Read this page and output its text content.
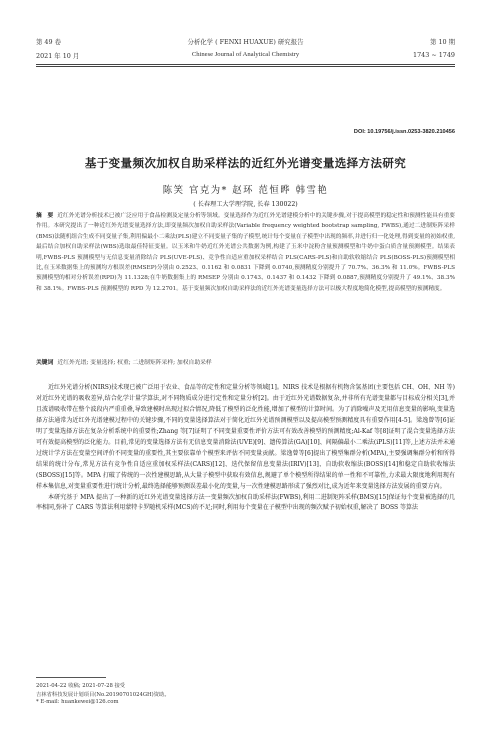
第 49 卷	分析化学 ( FENXI HUAXUE) 研究报告	第 10 期
2021 年 10 月	Chinese Journal of Analytical Chemistry	1743 ~ 1749
DOI: 10.19756/j.issn.0253-3820.210456
基于变量频次加权自助采样法的近红外光谱变量选择方法研究
陈笑 官克为* 赵环 范恒晔 韩雪艳
( 长春理工大学理学院, 长春 130022)
摘　要 近红外光谱分析技术已被广泛应用于食品检测及定量分析等领域。变量选择作为近红外光谱建模分析中的关键步骤,对于提高模型的稳定性和预测性能具有重要作用。本研究提出了一种近红外光谱变量选择方法,即变量频次加权自助采样法(Variable frequency weighted bootstrap sampling, FWBS),通过二进制矩阵采样(BMS)法随机组合生成不同变量子集,利用偏最小二乘法(PLS)建立不同变量子集的子模型,统计每个变量在子模型中出现的频率,并进行归一化处理,得到变量的初始权重,最后结合加权自助采样法(WBS)选取最佳特征变量。以玉米和牛奶近红外光谱公共数据为例,构建了玉米中淀粉含量预测模型和牛奶中蛋白质含量预测模型。结果表明,FWBS-PLS 预测模型与无信息变量消除结合 PLS(UVE-PLS)、竞争性自适应重加权采样结合 PLS(CARS-PLS)和自助软收缩结合 PLS(BOSS-PLS)预测模型相比,在玉米数据集上的预测均方根误差(RMSEP)分别由 0.2523、0.1162 和 0.0831 下降到 0.0740,预测精度分别提升了 70.7%、36.3% 和 11.0%。FWBS-PLS 预测模型的相对分析误差(RPD)为 11.1328;在牛奶数据集上的 RMSEP 分别由 0.1743、0.1437 和 0.1432 下降到 0.0887,预测精度分别提升了 49.1%、38.3% 和 38.1%。FWBS-PLS 预测模型的 RPD 为 12.2701。基于变量频次加权自助采样法的近红外光谱变量选择方法可以极大程度地简化模型,提高模型的预测精度。
关键词 近红外光谱; 变量选择; 权重; 二进制矩阵采样; 加权自助采样

近红外光谱分析(NIRS)技术现已被广泛用于农业、食品等的定性和定量分析等领域[1]。NIRS 技术是根据有机物含氢基团(主要包括 CH、OH、NH 等)对近红外光谱的吸收差异,结合化学计量学算法,对不同物质成分进行定性和定量分析[2]。由于近红外光谱数据复杂,并非所有光谱变量都与目标成分相关[3],并且波谱吸收带在整个波段内严重重叠,导致建模时出现过拟合情况,降低了模型的泛化性能,增加了模型的计算时间。为了消除噪声及无用信息变量的影响,变量选择方法通常为近红外光谱建模过程中的关键步骤,不同的变量选择算法对于简化近红外光谱预测模型以及提高模型预测精度具有重要作用[4-5]。梁逸曾等[6]证明了变量选择方法在复杂分析系统中的重要性;Zhang 等[7]证明了不同变量重要性评价方法可有效改善模型的预测精度;Al-Kaf 等[8]证明了混合变量选择方法可有效提高模型的泛化能力。目前,常见的变量选择方法有无信息变量消除法(UVE)[9]、遗传算法(GA)[10]、间隔偏最小二乘法(iPLS)[11]等,上述方法并未通过统计学方法在变量空间评价不同变量的重要性,其主要依靠单个模型来评估不同变量贡献。梁逸曾等[6]提出了模型集群分析(MPA),主要强调集群分析和所得结果的统计分布,常见方法有竞争性自适应重加权采样法(CARS)[12]、迭代保留信息变量法(IRIV)[13]、自助软收缩法(BOSS)[14]和稳定自助软收缩法(SBOSS)[15]等。MPA 打破了传统的一次性建模思路,从大量子模型中获取有效信息,规避了单个模型所得结果的单一性和不可靠性,力求最大限度地利用现有样本集信息,对变量重要性进行统计分析,最终选择能够预测误差最小化的变量,与一次性建模思路形成了强烈对比,成为近年来变量选择方法发展的重要方向。

本研究基于 MPA 提出了一种新的近红外光谱变量选择方法一变量频次加权自助采样法(FWBS),利用二进制矩阵采样(BMS)[15]保证每个变量被选择的几率相同,弥补了 CARS 等算法利用蒙特卡罗随机采样(MCS)的不足;同时,利用每个变量在子模型中出现的频次赋予初始权重,解决了 BOSS 等算法

2021-04-22 收稿; 2021-07-28 接受
吉林省科技发展计划项目(No.20190701024GH)资助。
* E-mail: huankewei@126.com
